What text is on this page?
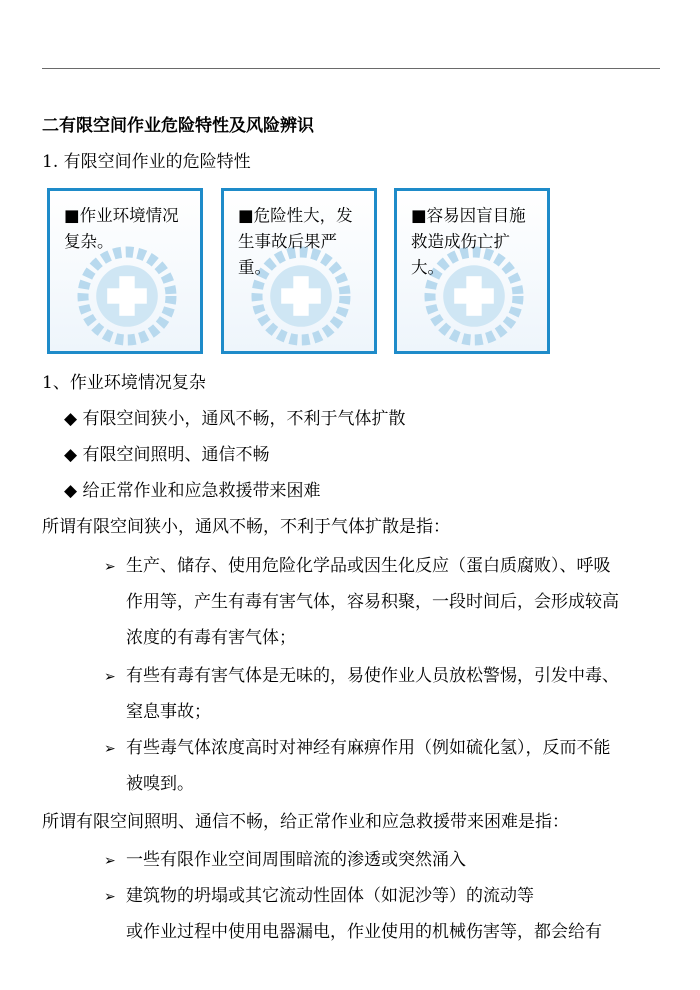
二有限空间作业危险特性及风险辨识
1. 有限空间作业的危险特性
■作业环境情况复杂。
■危险性大，发生事故后果严重。
■容易因盲目施救造成伤亡扩大。
1、作业环境情况复杂
◆ 有限空间狭小，通风不畅，不利于气体扩散
◆ 有限空间照明、通信不畅
◆ 给正常作业和应急救援带来困难
所谓有限空间狭小，通风不畅，不利于气体扩散是指：
➢ 生产、储存、使用危险化学品或因生化反应（蛋白质腐败）、呼吸
作用等，产生有毒有害气体，容易积聚，一段时间后，会形成较高
浓度的有毒有害气体；
➢ 有些有毒有害气体是无味的，易使作业人员放松警惕，引发中毒、
窒息事故；
➢ 有些毒气体浓度高时对神经有麻痹作用（例如硫化氢），反而不能
被嗅到。
所谓有限空间照明、通信不畅，给正常作业和应急救援带来困难是指：
➢ 一些有限作业空间周围暗流的渗透或突然涌入
➢ 建筑物的坍塌或其它流动性固体（如泥沙等）的流动等
或作业过程中使用电器漏电，作业使用的机械伤害等，都会给有
